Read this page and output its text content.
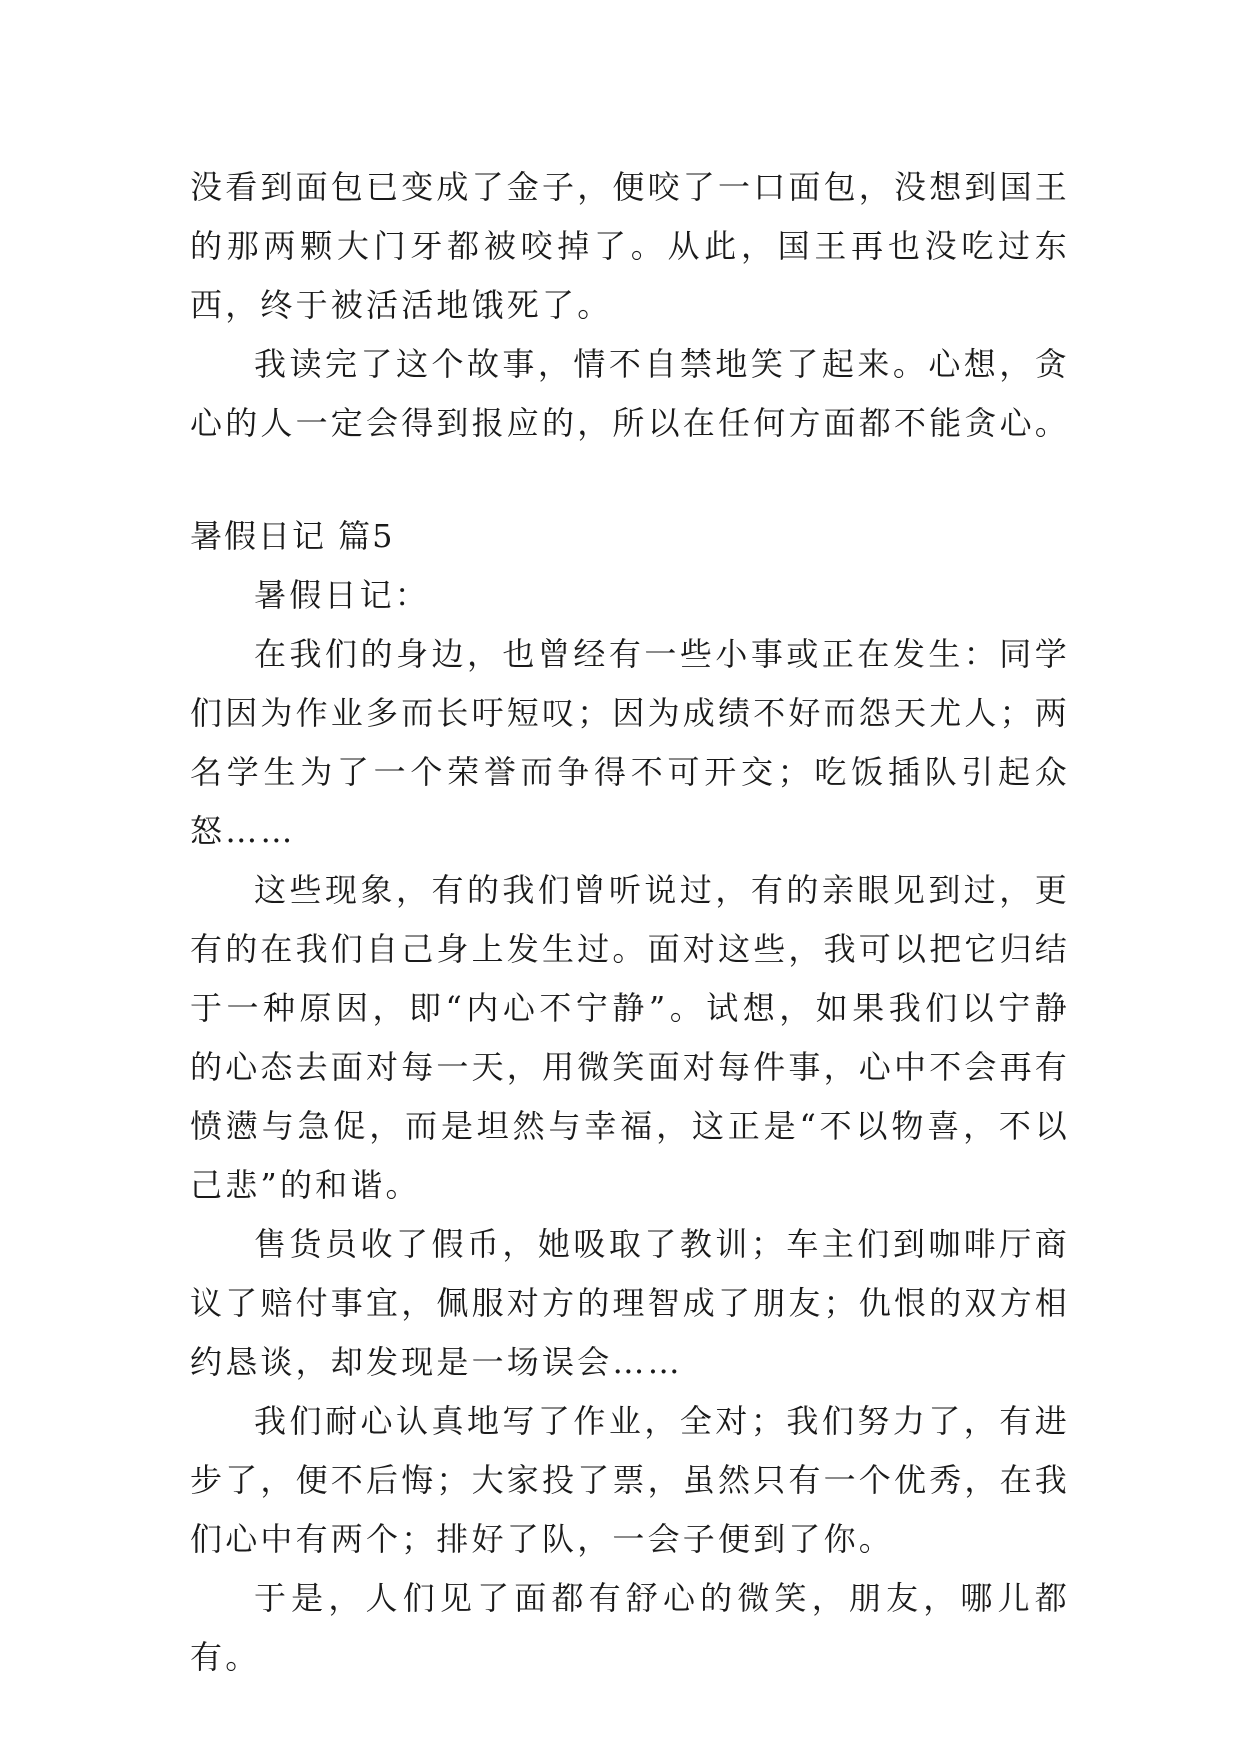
没看到面包已变成了金子，便咬了一口面包，没想到国王的那两颗大门牙都被咬掉了。从此，国王再也没吃过东西，终于被活活地饿死了。

我读完了这个故事，情不自禁地笑了起来。心想，贪心的人一定会得到报应的，所以在任何方面都不能贪心。

暑假日记 篇5

暑假日记：

在我们的身边，也曾经有一些小事或正在发生：同学们因为作业多而长吁短叹；因为成绩不好而怨天尤人；两名学生为了一个荣誉而争得不可开交；吃饭插队引起众怒……

这些现象，有的我们曾听说过，有的亲眼见到过，更有的在我们自己身上发生过。面对这些，我可以把它归结于一种原因，即“内心不宁静”。试想，如果我们以宁静的心态去面对每一天，用微笑面对每件事，心中不会再有愤懑与急促，而是坦然与幸福，这正是“不以物喜，不以己悲”的和谐。

售货员收了假币，她吸取了教训；车主们到咖啡厅商议了赔付事宜，佩服对方的理智成了朋友；仇恨的双方相约恳谈，却发现是一场误会……

我们耐心认真地写了作业，全对；我们努力了，有进步了，便不后悔；大家投了票，虽然只有一个优秀，在我们心中有两个；排好了队，一会子便到了你。

于是，人们见了面都有舒心的微笑，朋友，哪儿都有。
